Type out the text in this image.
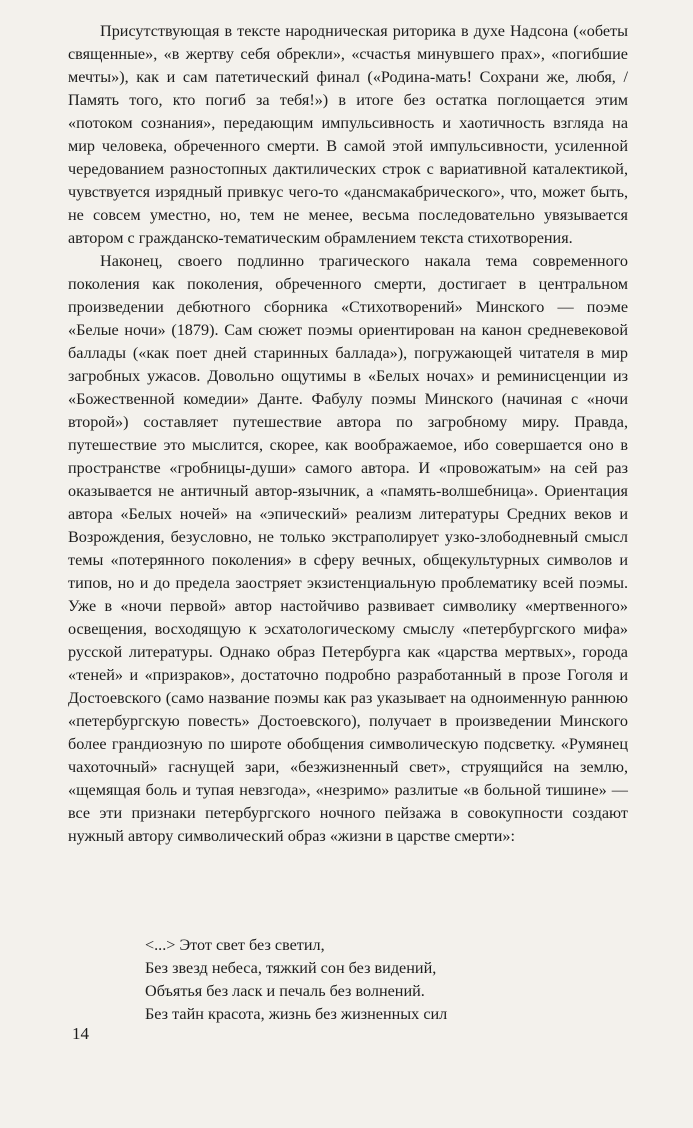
Присутствующая в тексте народническая риторика в духе Надсона («обеты священные», «в жертву себя обрекли», «счастья минувшего прах», «погибшие мечты»), как и сам патетический финал («Родина-мать! Сохрани же, любя, / Память того, кто погиб за тебя!») в итоге без остатка поглощается этим «потоком сознания», передающим импульсивность и хаотичность взгляда на мир человека, обреченного смерти. В самой этой импульсивности, усиленной чередованием разностопных дактилических строк с вариативной каталектикой, чувствуется изрядный привкус чего-то «дансмакабрического», что, может быть, не совсем уместно, но, тем не менее, весьма последовательно увязывается автором с гражданско-тематическим обрамлением текста стихотворения.

Наконец, своего подлинно трагического накала тема современного поколения как поколения, обреченного смерти, достигает в центральном произведении дебютного сборника «Стихотворений» Минского — поэме «Белые ночи» (1879). Сам сюжет поэмы ориентирован на канон средневековой баллады («как поет дней старинных баллада»), погружающей читателя в мир загробных ужасов. Довольно ощутимы в «Белых ночах» и реминисценции из «Божественной комедии» Данте. Фабулу поэмы Минского (начиная с «ночи второй») составляет путешествие автора по загробному миру. Правда, путешествие это мыслится, скорее, как воображаемое, ибо совершается оно в пространстве «гробницы-души» самого автора. И «провожатым» на сей раз оказывается не античный автор-язычник, а «память-волшебница». Ориентация автора «Белых ночей» на «эпический» реализм литературы Средних веков и Возрождения, безусловно, не только экстраполирует узко-злободневный смысл темы «потерянного поколения» в сферу вечных, общекультурных символов и типов, но и до предела заостряет экзистенциальную проблематику всей поэмы. Уже в «ночи первой» автор настойчиво развивает символику «мертвенного» освещения, восходящую к эсхатологическому смыслу «петербургского мифа» русской литературы. Однако образ Петербурга как «царства мертвых», города «теней» и «призраков», достаточно подробно разработанный в прозе Гоголя и Достоевского (само название поэмы как раз указывает на одноименную раннюю «петербургскую повесть» Достоевского), получает в произведении Минского более грандиозную по широте обобщения символическую подсветку. «Румянец чахоточный» гаснущей зари, «безжизненный свет», струящийся на землю, «щемящая боль и тупая невзгода», «незримо» разлитые «в больной тишине» — все эти признаки петербургского ночного пейзажа в совокупности создают нужный автору символический образ «жизни в царстве смерти»:

<...> Этот свет без светил,
Без звезд небеса, тяжкий сон без видений,
Объятья без ласк и печаль без волнений.
Без тайн красота, жизнь без жизненных сил
14
